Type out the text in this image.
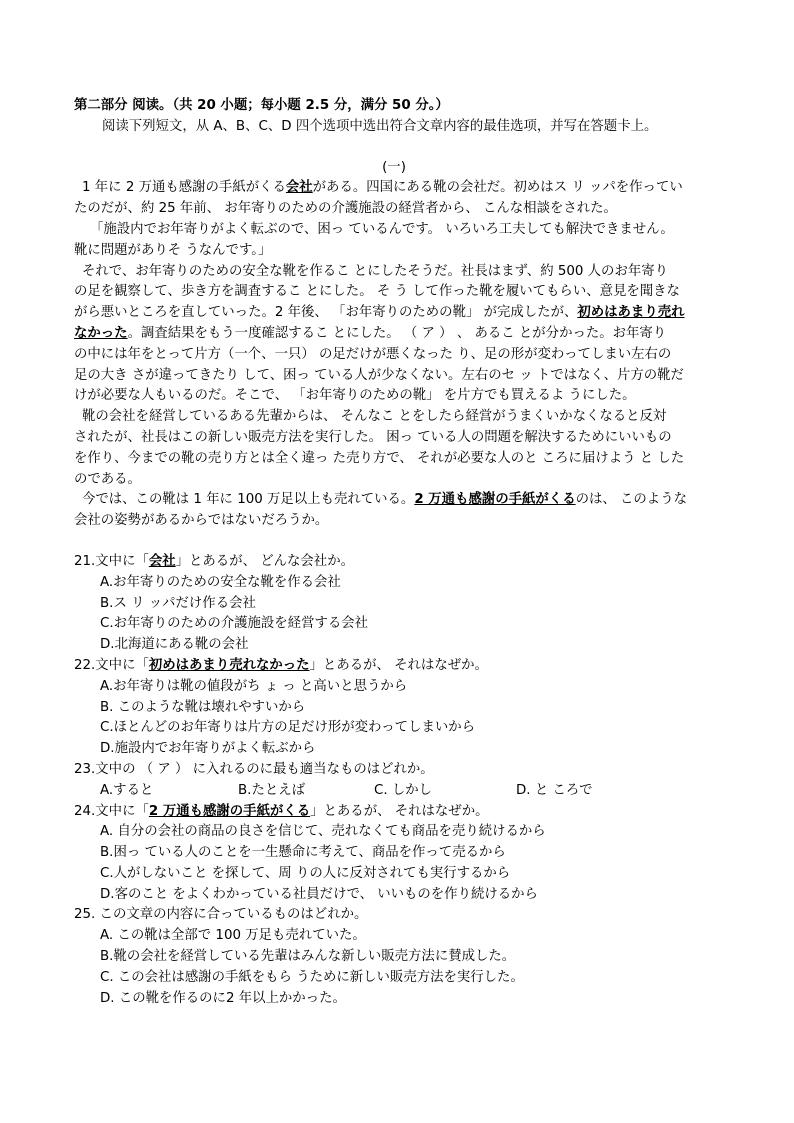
第二部分 阅读。（共 20 小题；每小题 2.5 分，满分 50 分。）
阅读下列短文，从 A、B、C、D 四个选项中选出符合文章内容的最佳选项，并写在答题卡上。
(一)
1 年に 2 万通も感謝の手紙がくる会社がある。四国にある靴の会社だ。初めはス リ ッパを作ってい
たのだが、約 25 年前、 お年寄りのための介護施設の経営者から、 こんな相談をされた。
「施設内でお年寄りがよく転ぶので、困っ ているんです。 いろいろ工夫しても解決できません。
靴に問題がありそ うなんです。」
それで、お年寄りのための安全な靴を作るこ とにしたそうだ。社長はまず、約 500 人のお年寄り
の足を観察して、歩き方を調査するこ とにした。 そ う して作った靴を履いてもらい、意見を聞きな
がら悪いところを直していった。2 年後、 「お年寄りのための靴」 が完成したが、初めはあまり売れ
なかった。調査結果をもう一度確認するこ とにした。 （ ア ） 、 あるこ とが分かった。お年寄り
の中には年をとって片方（一个、一只） の足だけが悪くなった り、足の形が変わってしまい左右の
足の大き さが違ってきたり して、困っ ている人が少なくない。左右のセ ッ トではなく、片方の靴だ
けが必要な人もいるのだ。そこで、 「お年寄りのための靴」 を片方でも買えるよ うにした。
靴の会社を経営しているある先輩からは、 そんなこ とをしたら経営がうまくいかなくなると反対
されたが、社長はこの新しい販売方法を実行した。 困っ ている人の問題を解決するためにいいもの
を作り、今までの靴の売り方とは全く違っ た売り方で、 それが必要な人のと ころに届けよう と した
のである。
今では、この靴は 1 年に 100 万足以上も売れている。2 万通も感謝の手紙がくるのは、 このような
会社の姿勢があるからではないだろうか。
21.文中に「会社」とあるが、 どんな会社か。
A.お年寄りのための安全な靴を作る会社
B.ス リ ッパだけ作る会社
C.お年寄りのための介護施設を経営する会社
D.北海道にある靴の会社
22.文中に「初めはあまり売れなかった」とあるが、 それはなぜか。
A.お年寄りは靴の値段がち ょ っ と高いと思うから
B. このような靴は壊れやすいから
C.ほとんどのお年寄りは片方の足だけ形が変わってしまいから
D.施設内でお年寄りがよく転ぶから
23.文中の （ ア ） に入れるのに最も適当なものはどれか。
A.すると	B.たとえば	C. しかし	D. と ころで
24.文中に「2 万通も感謝の手紙がくる」とあるが、 それはなぜか。
A. 自分の会社の商品の良さを信じて、売れなくても商品を売り続けるから
B.困っ ている人のことを一生懸命に考えて、商品を作って売るから
C.人がしないこと を探して、周 りの人に反対されても実行するから
D.客のこと をよくわかっている社員だけで、 いいものを作り続けるから
25. この文章の内容に合っているものはどれか。
A. この靴は全部で 100 万足も売れていた。
B.靴の会社を経営している先輩はみんな新しい販売方法に賛成した。
C. この会社は感謝の手紙をもら うために新しい販売方法を実行した。
D. この靴を作るのに2 年以上かかった。
